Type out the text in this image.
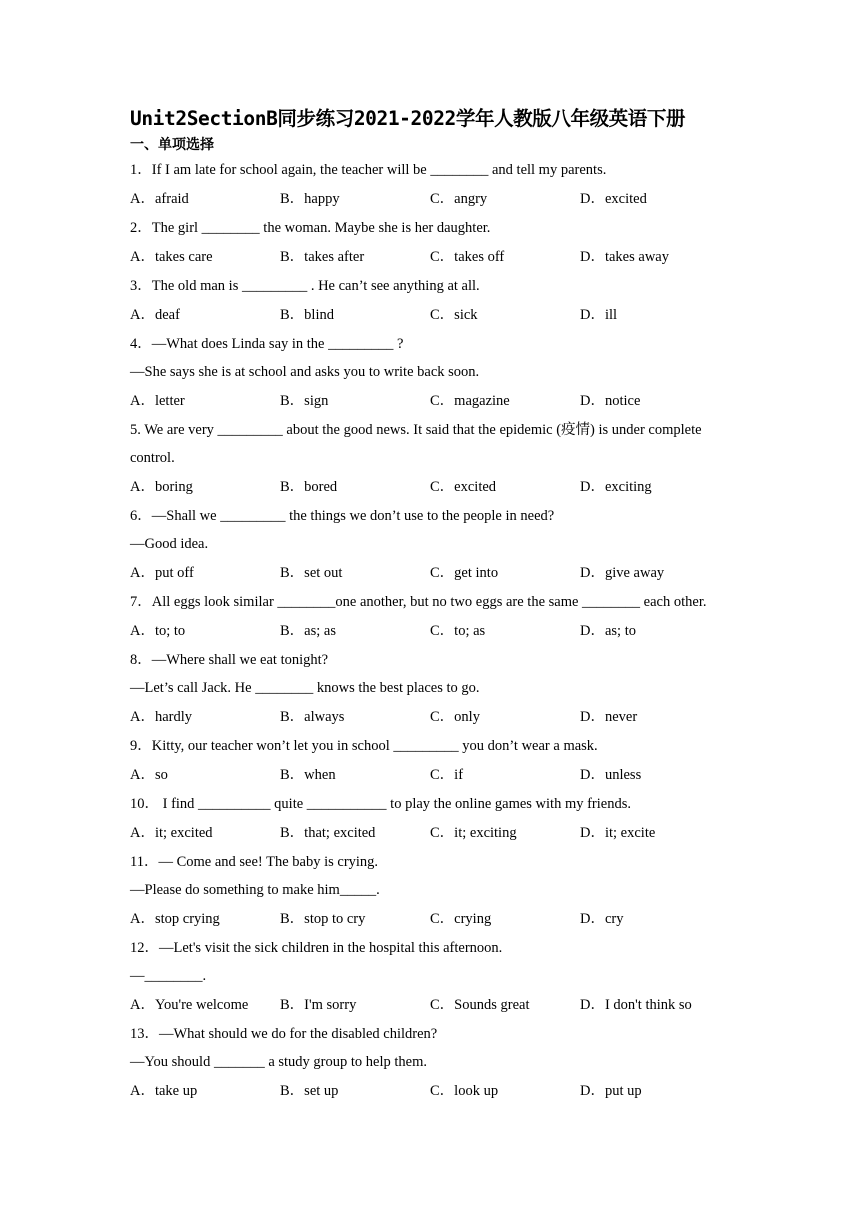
Unit2SectionB同步练习2021-2022学年人教版八年级英语下册
一、单项选择
1．If I am late for school again, the teacher will be ________ and tell my parents.
A．afraid	B．happy	C．angry	D．excited
2．The girl ________ the woman. Maybe she is her daughter.
A．takes care	B．takes after	C．takes off	D．takes away
3．The old man is _________ . He can’t see anything at all.
A．deaf	B．blind	C．sick	D．ill
4．—What does Linda say in the _________ ?
—She says she is at school and asks you to write back soon.
A．letter	B．sign	C．magazine	D．notice
5. We are very _________ about the good news. It said that the epidemic (疫情) is under complete
control.
A．boring	B．bored	C．excited	D．exciting
6．—Shall we _________ the things we don’t use to the people in need?
—Good idea.
A．put off	B．set out	C．get into	D．give away
7．All eggs look similar ________one another, but no two eggs are the same ________ each other.
A．to; to	B．as; as	C．to; as	D．as; to
8．—Where shall we eat tonight?
—Let’s call Jack. He ________ knows the best places to go.
A．hardly	B．always	C．only	D．never
9．Kitty, our teacher won’t let you in school _________ you don’t wear a mask.
A．so	B．when	C．if	D．unless
10． I find __________ quite ___________ to play the online games with my friends.
A．it; excited	B．that; excited	C．it; exciting	D．it; excite
11．— Come and see! The baby is crying.
—Please do something to make him_____.
A．stop crying	B．stop to cry	C．crying	D．cry
12．—Let's visit the sick children in the hospital this afternoon.
—________.
A．You're welcome	B．I'm sorry	C．Sounds great	D．I don't think so
13．—What should we do for the disabled children?
—You should _______ a study group to help them.
A．take up	B．set up	C．look up	D．put up
